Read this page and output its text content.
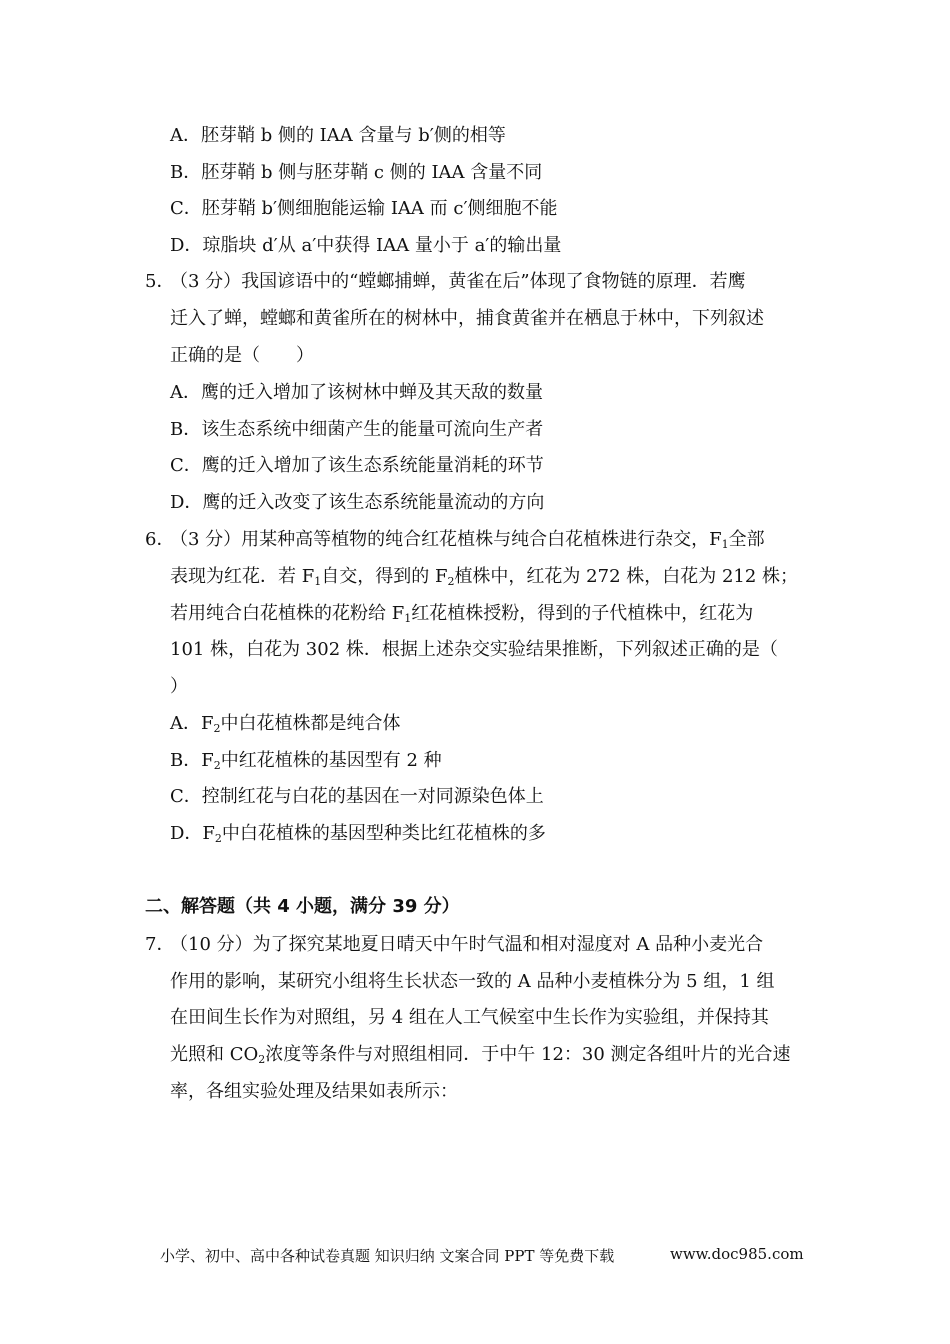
A．胚芽鞘 b 侧的 IAA 含量与 b′侧的相等
B．胚芽鞘 b 侧与胚芽鞘 c 侧的 IAA 含量不同
C．胚芽鞘 b′侧细胞能运输 IAA 而 c′侧细胞不能
D．琼脂块 d′从 a′中获得 IAA 量小于 a′的输出量
5．
（3 分）我国谚语中的“螳螂捕蝉，黄雀在后”体现了食物链的原理．若鹰
迁入了蝉，螳螂和黄雀所在的树林中，捕食黄雀并在栖息于林中，下列叙述
正确的是（　　）
A．鹰的迁入增加了该树林中蝉及其天敌的数量
B．该生态系统中细菌产生的能量可流向生产者
C．鹰的迁入增加了该生态系统能量消耗的环节
D．鹰的迁入改变了该生态系统能量流动的方向
6．
（3 分）用某种高等植物的纯合红花植株与纯合白花植株进行杂交，$F_1$全部
表现为红花．若 $F_1$自交，得到的 $F_2$植株中，红花为 272 株，白花为 212 株；
若用纯合白花植株的花粉给 $F_1$红花植株授粉，得到的子代植株中，红花为
101 株，白花为 302 株．根据上述杂交实验结果推断，下列叙述正确的是（
）
A．$F_2$中白花植株都是纯合体
B．$F_2$中红花植株的基因型有 2 种
C．控制红花与白花的基因在一对同源染色体上
D．$F_2$中白花植株的基因型种类比红花植株的多
二、解答题（共 4 小题，满分 39 分）
7．
（10 分）为了探究某地夏日晴天中午时气温和相对湿度对 A 品种小麦光合
作用的影响，某研究小组将生长状态一致的 A 品种小麦植株分为 5 组，1 组
在田间生长作为对照组，另 4 组在人工气候室中生长作为实验组，并保持其
光照和 $CO_2$浓度等条件与对照组相同．于中午 12：30 测定各组叶片的光合速
率，各组实验处理及结果如表所示：
小学、初中、高中各种试卷真题 知识归纳 文案合同 PPT 等免费下载	www.doc985.com
